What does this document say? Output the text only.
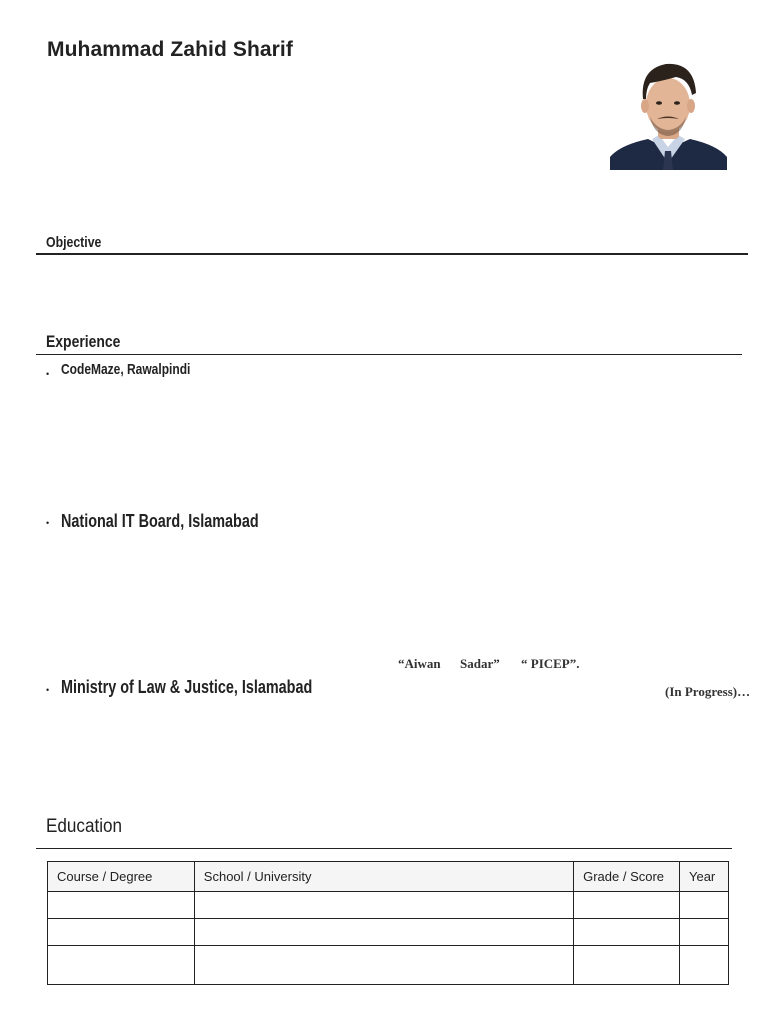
Muhammad Zahid Sharif
Objective
Experience
• CodeMaze, Rawalpindi
• National IT Board, Islamabad
“Aiwan Sadar” “ PICEP”.
• Ministry of Law & Justice, Islamabad	(In Progress)…
Education
Course / Degree	School / University	Grade / Score	Year
